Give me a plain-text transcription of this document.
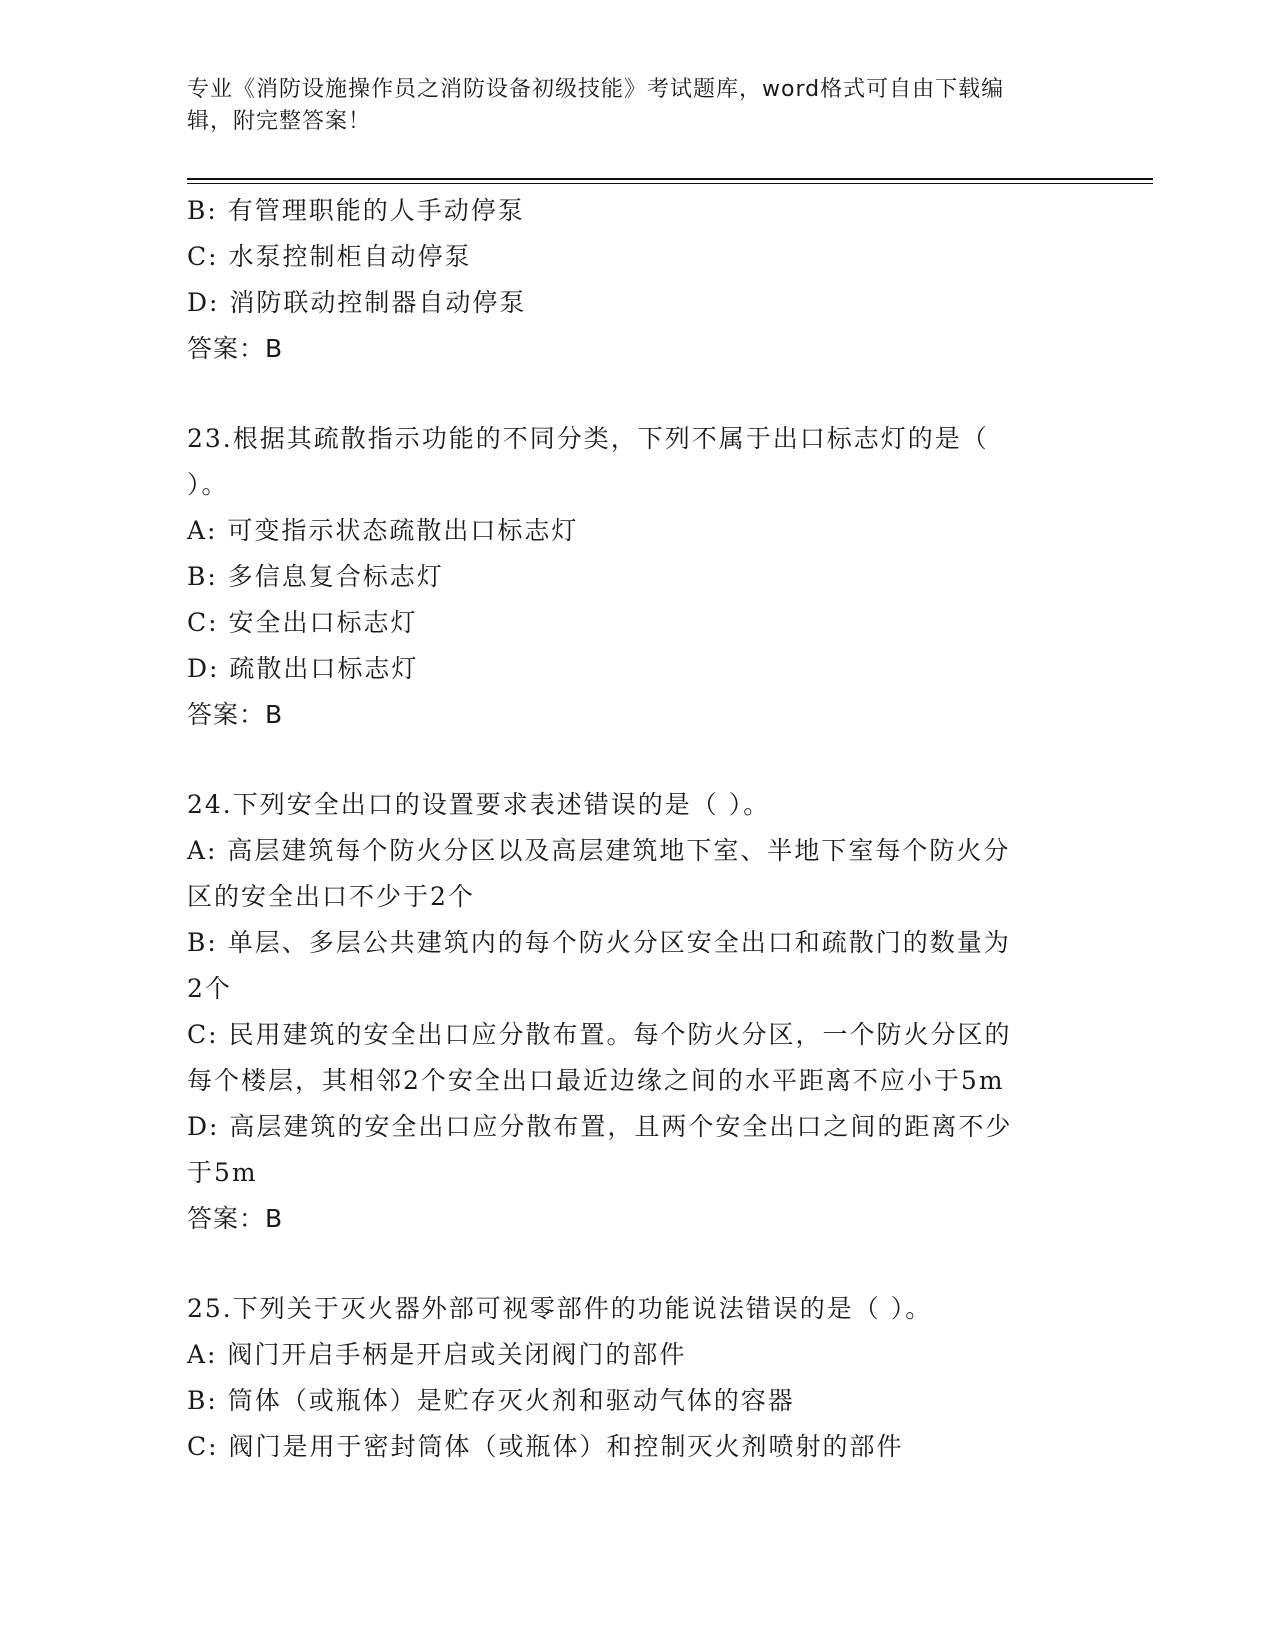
专业《消防设施操作员之消防设备初级技能》考试题库，word格式可自由下载编
辑，附完整答案！
B: 有管理职能的人手动停泵
C: 水泵控制柜自动停泵
D: 消防联动控制器自动停泵
答案：B
23.根据其疏散指示功能的不同分类，下列不属于出口标志灯的是（
）。
A: 可变指示状态疏散出口标志灯
B: 多信息复合标志灯
C: 安全出口标志灯
D: 疏散出口标志灯
答案：B
24.下列安全出口的设置要求表述错误的是（ ）。
A: 高层建筑每个防火分区以及高层建筑地下室、半地下室每个防火分
区的安全出口不少于2个
B: 单层、多层公共建筑内的每个防火分区安全出口和疏散门的数量为
2个
C: 民用建筑的安全出口应分散布置。每个防火分区，一个防火分区的
每个楼层，其相邻2个安全出口最近边缘之间的水平距离不应小于5m
D: 高层建筑的安全出口应分散布置，且两个安全出口之间的距离不少
于5m
答案：B
25.下列关于灭火器外部可视零部件的功能说法错误的是（ ）。
A: 阀门开启手柄是开启或关闭阀门的部件
B: 筒体（或瓶体）是贮存灭火剂和驱动气体的容器
C: 阀门是用于密封筒体（或瓶体）和控制灭火剂喷射的部件
